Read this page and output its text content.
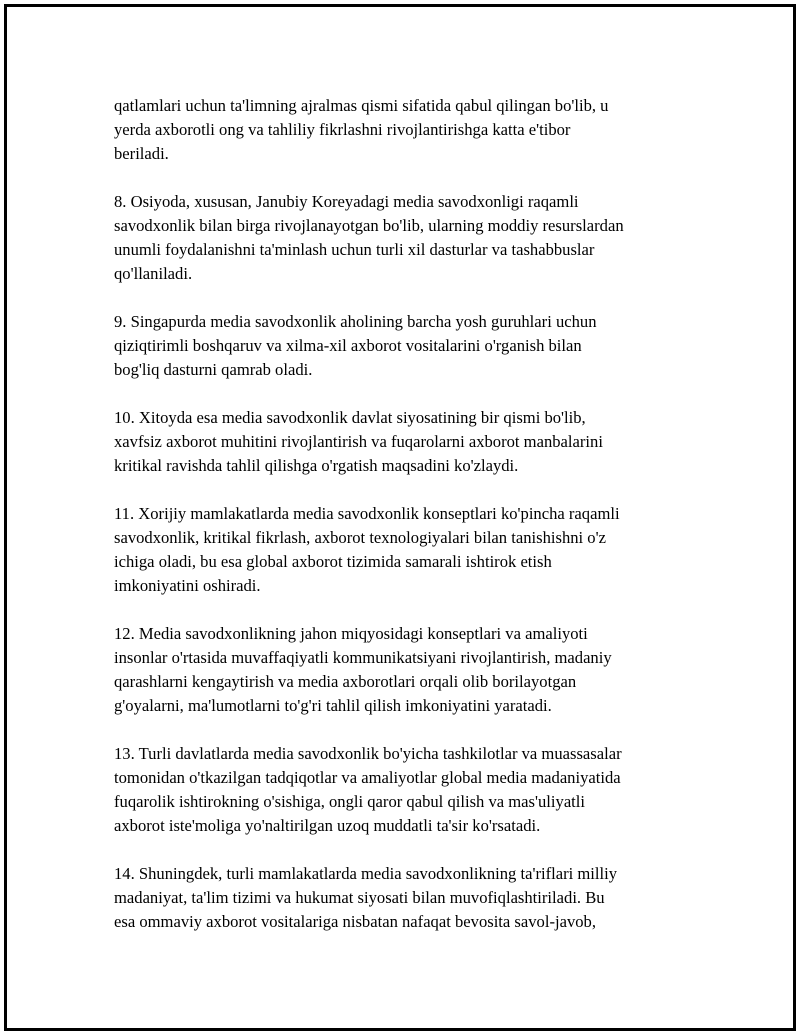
qatlamlari uchun ta'limning ajralmas qismi sifatida qabul qilingan bo'lib, u
yerda axborotli ong va tahliliy fikrlashni rivojlantirishga katta e'tibor
beriladi.

8. Osiyoda, xususan, Janubiy Koreyadagi media savodxonligi raqamli
savodxonlik bilan birga rivojlanayotgan bo'lib, ularning moddiy resurslardan
unumli foydalanishni ta'minlash uchun turli xil dasturlar va tashabbuslar
qo'llaniladi.

9. Singapurda media savodxonlik aholining barcha yosh guruhlari uchun
qiziqtirimli boshqaruv va xilma-xil axborot vositalarini o'rganish bilan
bog'liq dasturni qamrab oladi.

10. Xitoyda esa media savodxonlik davlat siyosatining bir qismi bo'lib,
xavfsiz axborot muhitini rivojlantirish va fuqarolarni axborot manbalarini
kritikal ravishda tahlil qilishga o'rgatish maqsadini ko'zlaydi.

11. Xorijiy mamlakatlarda media savodxonlik konseptlari ko'pincha raqamli
savodxonlik, kritikal fikrlash, axborot texnologiyalari bilan tanishishni o'z
ichiga oladi, bu esa global axborot tizimida samarali ishtirok etish
imkoniyatini oshiradi.

12. Media savodxonlikning jahon miqyosidagi konseptlari va amaliyoti
insonlar o'rtasida muvaffaqiyatli kommunikatsiyani rivojlantirish, madaniy
qarashlarni kengaytirish va media axborotlari orqali olib borilayotgan
g'oyalarni, ma'lumotlarni to'g'ri tahlil qilish imkoniyatini yaratadi.

13. Turli davlatlarda media savodxonlik bo'yicha tashkilotlar va muassasalar
tomonidan o'tkazilgan tadqiqotlar va amaliyotlar global media madaniyatida
fuqarolik ishtirokning o'sishiga, ongli qaror qabul qilish va mas'uliyatli
axborot iste'moliga yo'naltirilgan uzoq muddatli ta'sir ko'rsatadi.

14. Shuningdek, turli mamlakatlarda media savodxonlikning ta'riflari milliy
madaniyat, ta'lim tizimi va hukumat siyosati bilan muvofiqlashtiriladi. Bu
esa ommaviy axborot vositalariga nisbatan nafaqat bevosita savol-javob,
